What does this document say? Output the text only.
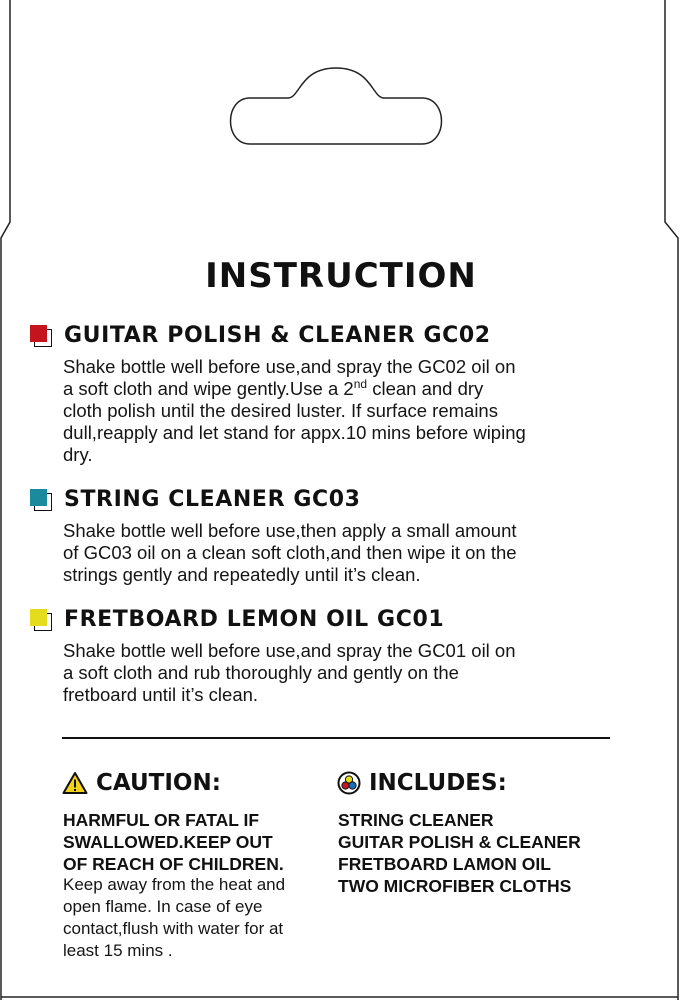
INSTRUCTION
GUITAR POLISH & CLEANER GC02
Shake bottle well before use,and spray the GC02 oil on
a soft cloth and wipe gently.Use a 2nd clean and dry
cloth polish until the desired luster. If surface remains
dull,reapply and let stand for appx.10 mins before wiping
dry.
STRING CLEANER GC03
Shake bottle well before use,then apply a small amount
of GC03 oil on a clean soft cloth,and then wipe it on the
strings gently and repeatedly until it’s clean.
FRETBOARD LEMON OIL GC01
Shake bottle well before use,and spray the GC01 oil on
a soft cloth and rub thoroughly and gently on the
fretboard until it’s clean.
CAUTION:
HARMFUL OR FATAL IF
SWALLOWED.KEEP OUT
OF REACH OF CHILDREN.
Keep away from the heat and
open flame. In case of eye
contact,flush with water for at
least 15 mins .
INCLUDES:
STRING CLEANER
GUITAR POLISH & CLEANER
FRETBOARD LAMON OIL
TWO MICROFIBER CLOTHS
